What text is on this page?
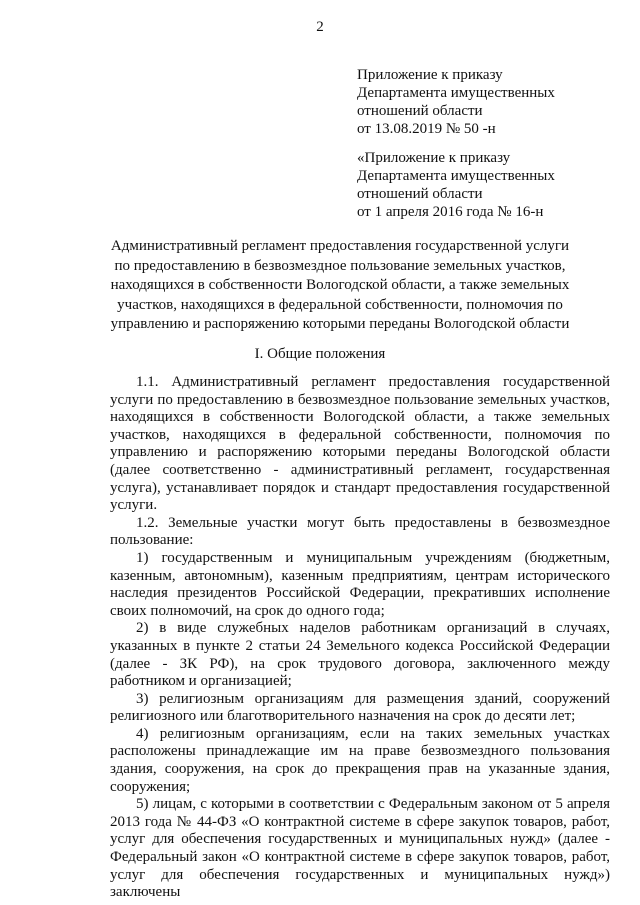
2
Приложение к приказу
Департамента имущественных
отношений области
от 13.08.2019 № 50 -н
«Приложение к приказу
Департамента имущественных
отношений области
от 1 апреля 2016 года № 16-н
Административный регламент предоставления государственной услуги
по предоставлению в безвозмездное пользование земельных участков,
находящихся в собственности Вологодской области, а также земельных
участков, находящихся в федеральной собственности, полномочия по
управлению и распоряжению которыми переданы Вологодской области
I. Общие положения

1.1. Административный регламент предоставления государственной услуги по предоставлению в безвозмездное пользование земельных участков, находящихся в собственности Вологодской области, а также земельных участков, находящихся в федеральной собственности, полномочия по управлению и распоряжению которыми переданы Вологодской области (далее соответственно - административный регламент, государственная услуга), устанавливает порядок и стандарт предоставления государственной услуги.

1.2. Земельные участки могут быть предоставлены в безвозмездное пользование:

1) государственным и муниципальным учреждениям (бюджетным, казенным, автономным), казенным предприятиям, центрам исторического наследия президентов Российской Федерации, прекративших исполнение своих полномочий, на срок до одного года;

2) в виде служебных наделов работникам организаций в случаях, указанных в пункте 2 статьи 24 Земельного кодекса Российской Федерации (далее - ЗК РФ), на срок трудового договора, заключенного между работником и организацией;

3) религиозным организациям для размещения зданий, сооружений религиозного или благотворительного назначения на срок до десяти лет;

4) религиозным организациям, если на таких земельных участках расположены принадлежащие им на праве безвозмездного пользования здания, сооружения, на срок до прекращения прав на указанные здания, сооружения;

5) лицам, с которыми в соответствии с Федеральным законом от 5 апреля 2013 года № 44-ФЗ «О контрактной системе в сфере закупок товаров, работ, услуг для обеспечения государственных и муниципальных нужд» (далее - Федеральный закон «О контрактной системе в сфере закупок товаров, работ, услуг для обеспечения государственных и муниципальных нужд») заключены
